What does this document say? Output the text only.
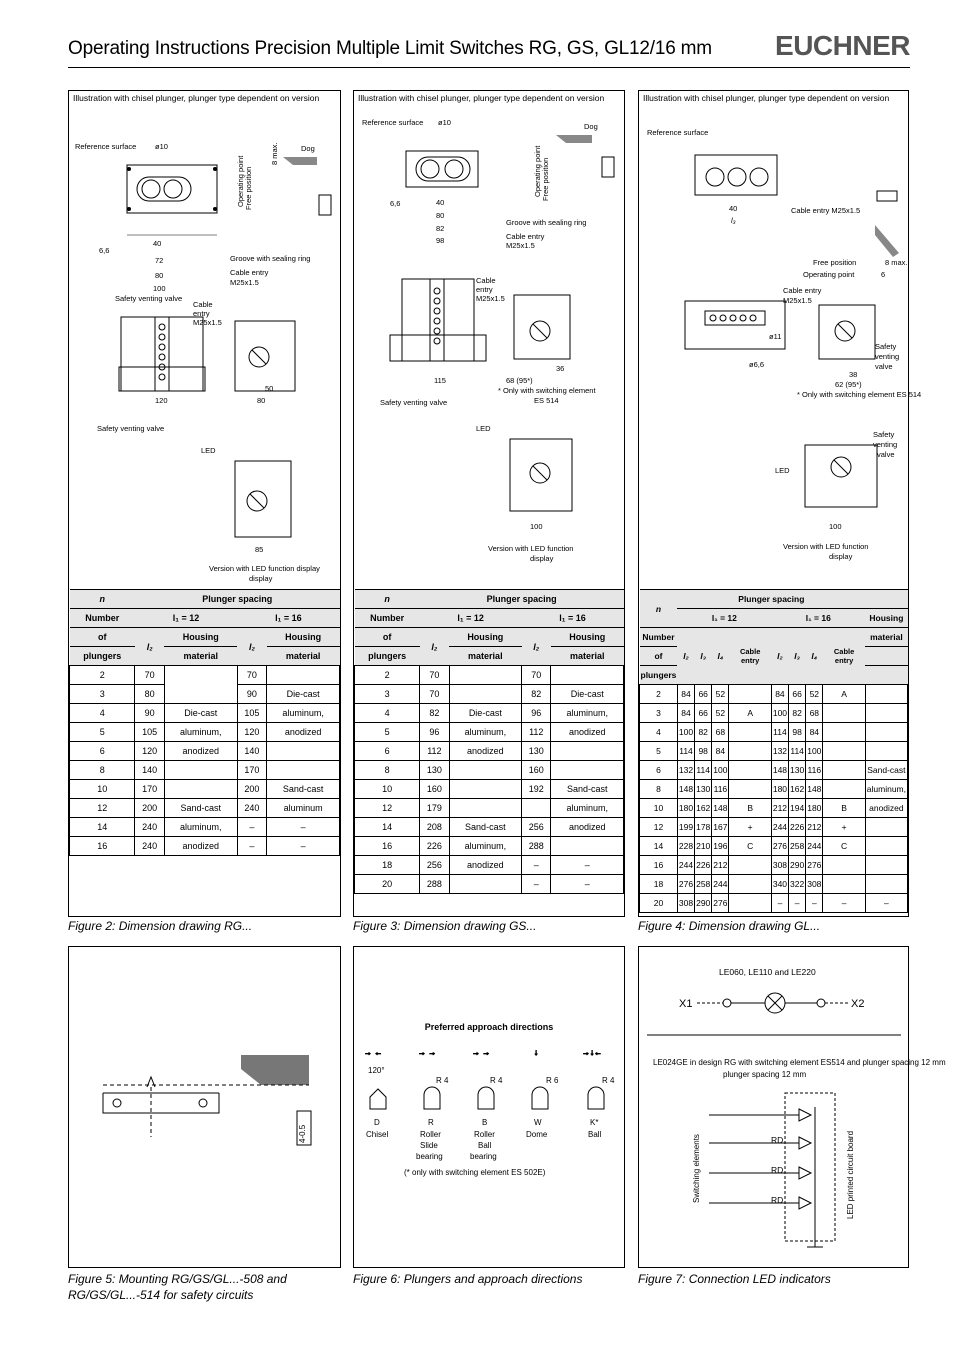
Operating Instructions Precision Multiple Limit Switches RG, GS, GL12/16 mm EUCHNER
Illustration with chisel plunger, plunger type dependent on version
Reference surface ø10
40
72
80
100
6,6
Operating point Free position
8 max.	Dog
Groove with sealing ring
Cable entry
M25x1.5
Safety venting valve
Cable
entry
M25x1.5
120
50
80
Safety venting valve
LED
85
Version with LED function display
display
n	Plunger spacing			
Number	l₁ = 12		l₁ = 16	
of	l₂	Housing	l₂	Housing
plungers		material		material
2	70		70	
3	80		90	Die-cast
4	90	Die-cast	105	aluminum,
5	105	aluminum,	120	anodized
6	120	anodized	140	
8	140		170	
10	170		200	Sand-cast
12	200	Sand-cast	240	aluminum
14	240	aluminum,	–	–
16	240	anodized	–	–
Figure 2: Dimension drawing RG...
Illustration with chisel plunger, plunger type dependent on version
Reference surface ø10
40
80
82
98
6,6
Operating point Free position
Dog
Groove with sealing ring
Cable entry
M25x1.5
Cable
entry
M25x1.5
115
Safety venting valve
36
68 (95*)
* Only with switching element
ES 514
LED
100
Version with LED function
display
n	Plunger spacing			
Number	l₁ = 12		l₁ = 16	
of	l₂	Housing	l₂	Housing
plungers		material		material
2	70		70	
3	70		82	Die-cast
4	82	Die-cast	96	aluminum,
5	96	aluminum,	112	anodized
6	112	anodized	130	
8	130		160	
10	160		192	Sand-cast
12	179			aluminum,
14	208	Sand-cast	256	anodized
16	226	aluminum,	288	
18	256	anodized	–	–
20	288		–	–
Figure 3: Dimension drawing GS...
Illustration with chisel plunger, plunger type dependent on version
Reference surface
40
l₃
Cable entry M25x1.5
Free position	8 max.
Operating point	6
Cable entry
M25x1.5
ø11
ø6,6
Safety
venting
valve
38
62 (95*)
* Only with switching element ES 514
Safety
venting
valve
LED
100
Version with LED function
display
n	Plunger spacing								
	l₁ = 12				l₁ = 16				Housing
Number	l₂	l₃	l₄	Cable entry	l₂	l₃	l₄	Cable entry	material
of									
plungers									
2	84	66	52		84	66	52	A	
3	84	66	52	A	100	82	68		
4	100	82	68		114	98	84		
5	114	98	84		132	114	100		
6	132	114	100		148	130	116		Sand-cast
8	148	130	116		180	162	148		aluminum,
10	180	162	148	B	212	194	180	B	anodized
12	199	178	167	+	244	226	212	+	
14	228	210	196	C	276	258	244	C	
16	244	226	212		308	290	276		
18	276	258	244		340	322	308		
20	308	290	276		–	–	–	–	–
Figure 4: Dimension drawing GL...
4-0.5
Figure 5: Mounting RG/GS/GL...-508 and RG/GS/GL...-514 for safety circuits
Preferred approach directions
→ ←	→ →	→ →	↓	→↓←
120°
R 4	R 4	R 6	R 4
D
Chisel
R
Roller
Slide
bearing
B
Roller
Ball
bearing
W
Dome
K*
Ball
(* only with switching element ES 502E)
Figure 6: Plungers and approach directions
LE060, LE110 and LE220
X1	X2
LE024GE in design RG with switching element ES514 and plunger spacing 12 mm
plunger spacing 12 mm
RD
RD
RD
Switching elements	LED printed circuit board
Figure 7: Connection LED indicators
